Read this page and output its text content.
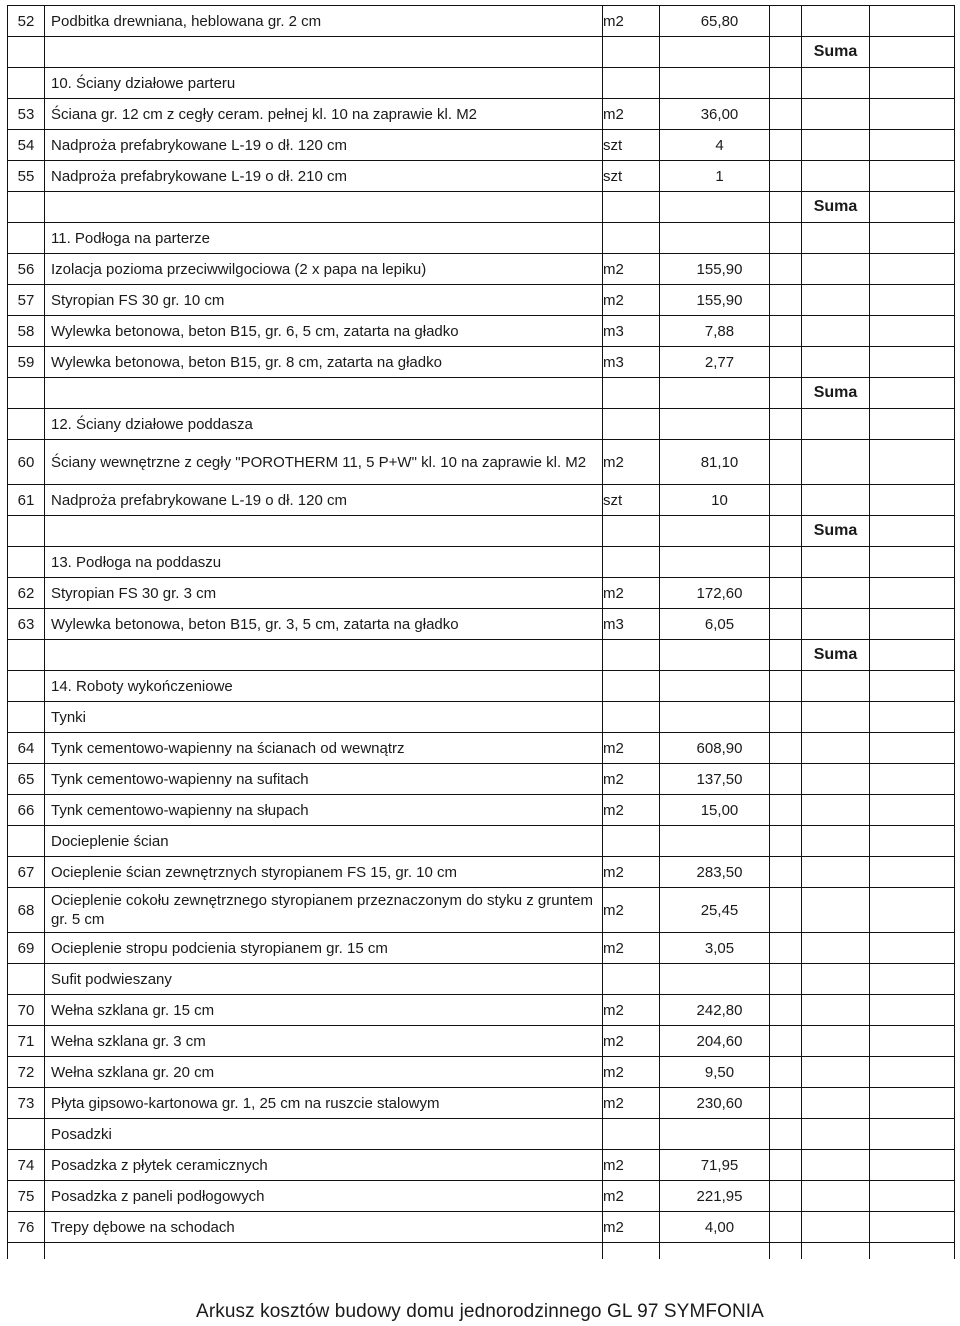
52	Podbitka drewniana, heblowana gr. 2 cm	m2	65,80			
					Suma	
	10. Ściany działowe parteru					
53	Ściana gr. 12 cm z cegły ceram. pełnej kl. 10 na zaprawie kl. M2	m2	36,00			
54	Nadproża prefabrykowane L-19 o dł. 120 cm	szt	4			
55	Nadproża prefabrykowane L-19 o dł. 210 cm	szt	1			
					Suma	
	11. Podłoga na parterze					
56	Izolacja pozioma przeciwwilgociowa (2 x papa na lepiku)	m2	155,90			
57	Styropian FS 30 gr. 10 cm	m2	155,90			
58	Wylewka betonowa, beton B15, gr. 6, 5 cm, zatarta na gładko	m3	7,88			
59	Wylewka betonowa, beton B15, gr. 8 cm, zatarta na gładko	m3	2,77			
					Suma	
	12. Ściany działowe poddasza					
60	Ściany wewnętrzne z cegły "POROTHERM 11, 5 P+W" kl. 10 na zaprawie kl. M2	m2	81,10			
61	Nadproża prefabrykowane L-19 o dł. 120 cm	szt	10			
					Suma	
	13. Podłoga na poddaszu					
62	Styropian FS 30 gr. 3 cm	m2	172,60			
63	Wylewka betonowa, beton B15, gr. 3, 5 cm, zatarta na gładko	m3	6,05			
					Suma	
	14. Roboty wykończeniowe					
	Tynki					
64	Tynk cementowo-wapienny na ścianach od wewnątrz	m2	608,90			
65	Tynk cementowo-wapienny na sufitach	m2	137,50			
66	Tynk cementowo-wapienny na słupach	m2	15,00			
	Docieplenie ścian					
67	Ocieplenie ścian zewnętrznych styropianem FS 15, gr. 10 cm	m2	283,50			
68	Ocieplenie cokołu zewnętrznego styropianem przeznaczonym do styku z gruntem gr. 5 cm	m2	25,45			
69	Ocieplenie stropu podcienia styropianem gr. 15 cm	m2	3,05			
	Sufit podwieszany					
70	Wełna szklana gr. 15 cm	m2	242,80			
71	Wełna szklana gr. 3 cm	m2	204,60			
72	Wełna szklana gr. 20 cm	m2	9,50			
73	Płyta gipsowo-kartonowa gr. 1, 25 cm na ruszcie stalowym	m2	230,60			
	Posadzki					
74	Posadzka z płytek ceramicznych	m2	71,95			
75	Posadzka z paneli podłogowych	m2	221,95			
76	Trepy dębowe na schodach	m2	4,00			

Arkusz kosztów budowy domu jednorodzinnego GL 97 SYMFONIA
